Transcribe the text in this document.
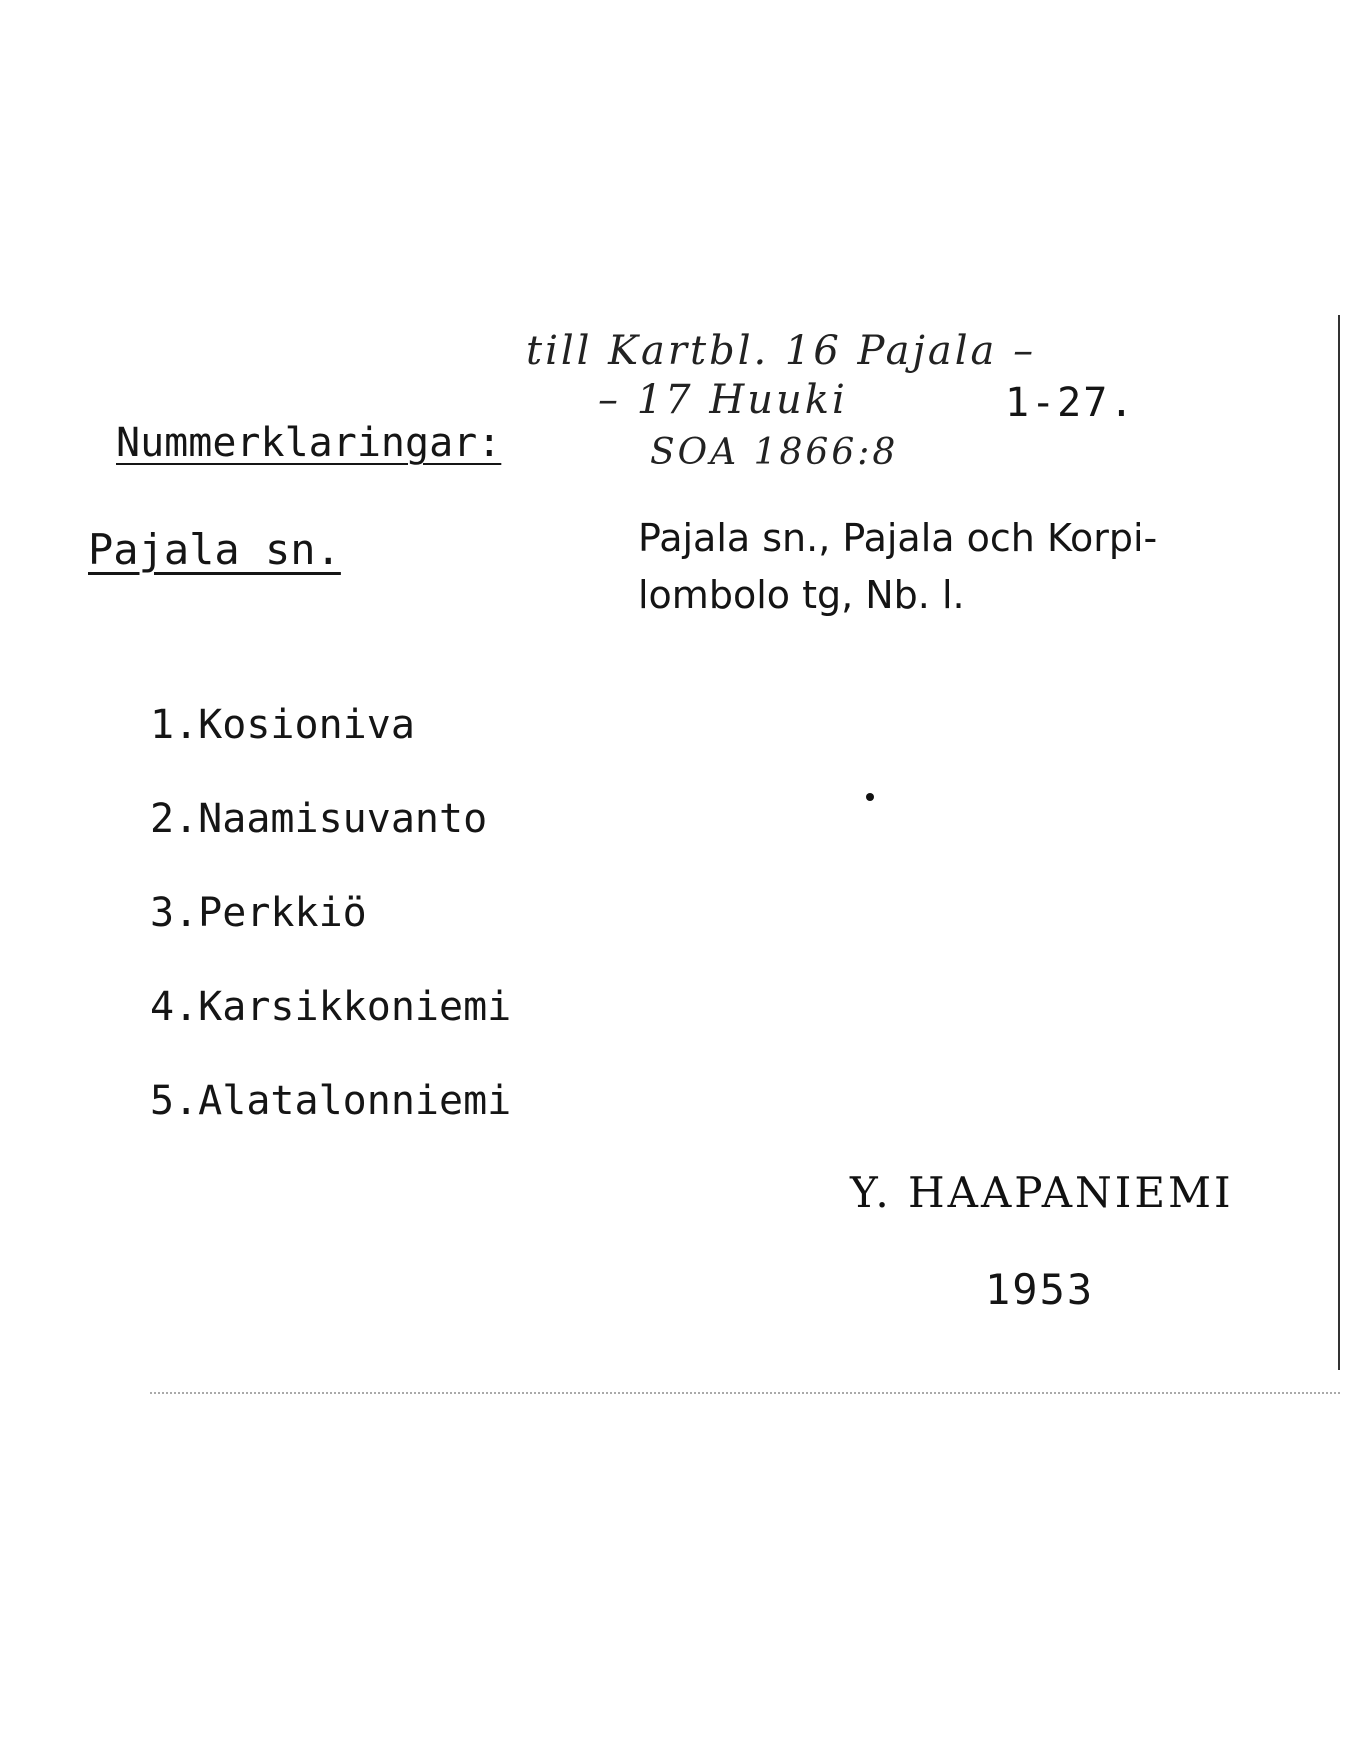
till Kartbl. 16 Pajala –
– 17 Huuki
SOA 1866:8
1-27.
Nummerklaringar:
Pajala sn.	Pajala sn., Pajala och Korpi-lombolo tg, Nb. l.
1.Kosioniva
2.Naamisuvanto
3.Perkkiö
4.Karsikkoniemi
5.Alatalonniemi
Y. HAAPANIEMI
1953
